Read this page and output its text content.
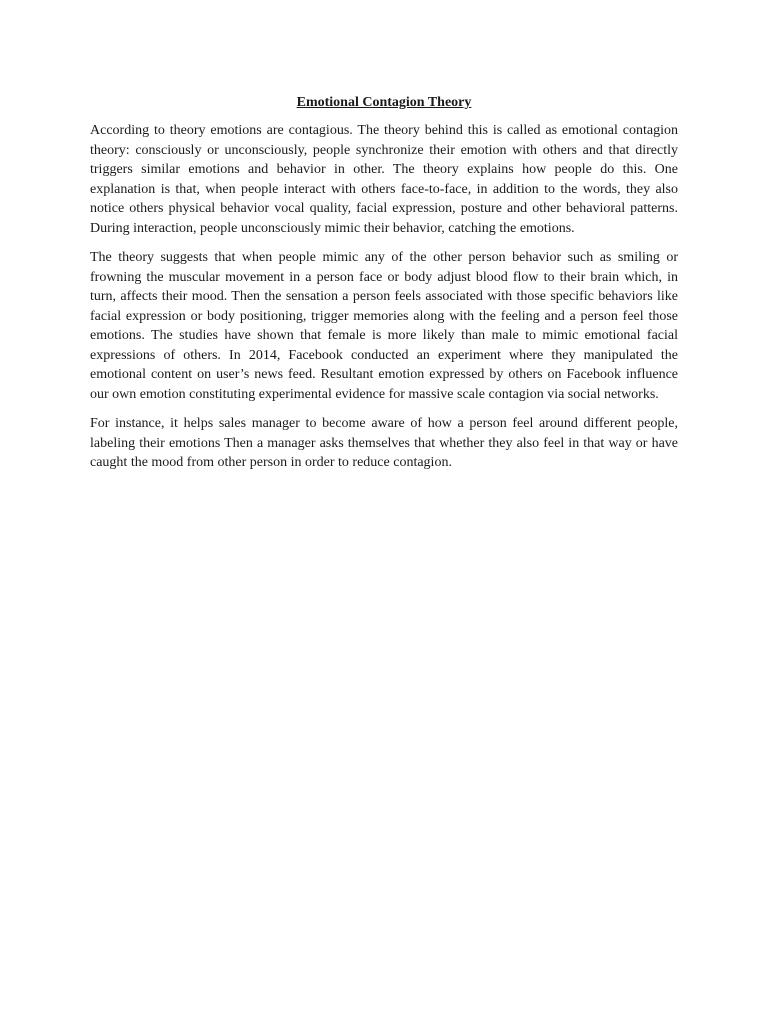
Emotional Contagion Theory

According to theory emotions are contagious. The theory behind this is called as emotional contagion theory: consciously or unconsciously, people synchronize their emotion with others and that directly triggers similar emotions and behavior in other. The theory explains how people do this. One explanation is that, when people interact with others face-to-face, in addition to the words, they also notice others physical behavior vocal quality, facial expression, posture and other behavioral patterns. During interaction, people unconsciously mimic their behavior, catching the emotions.

The theory suggests that when people mimic any of the other person behavior such as smiling or frowning the muscular movement in a person face or body adjust blood flow to their brain which, in turn, affects their mood. Then the sensation a person feels associated with those specific behaviors like facial expression or body positioning, trigger memories along with the feeling and a person feel those emotions. The studies have shown that female is more likely than male to mimic emotional facial expressions of others. In 2014, Facebook conducted an experiment where they manipulated the emotional content on user’s news feed. Resultant emotion expressed by others on Facebook influence our own emotion constituting experimental evidence for massive scale contagion via social networks.

For instance, it helps sales manager to become aware of how a person feel around different people, labeling their emotions Then a manager asks themselves that whether they also feel in that way or have caught the mood from other person in order to reduce contagion.
